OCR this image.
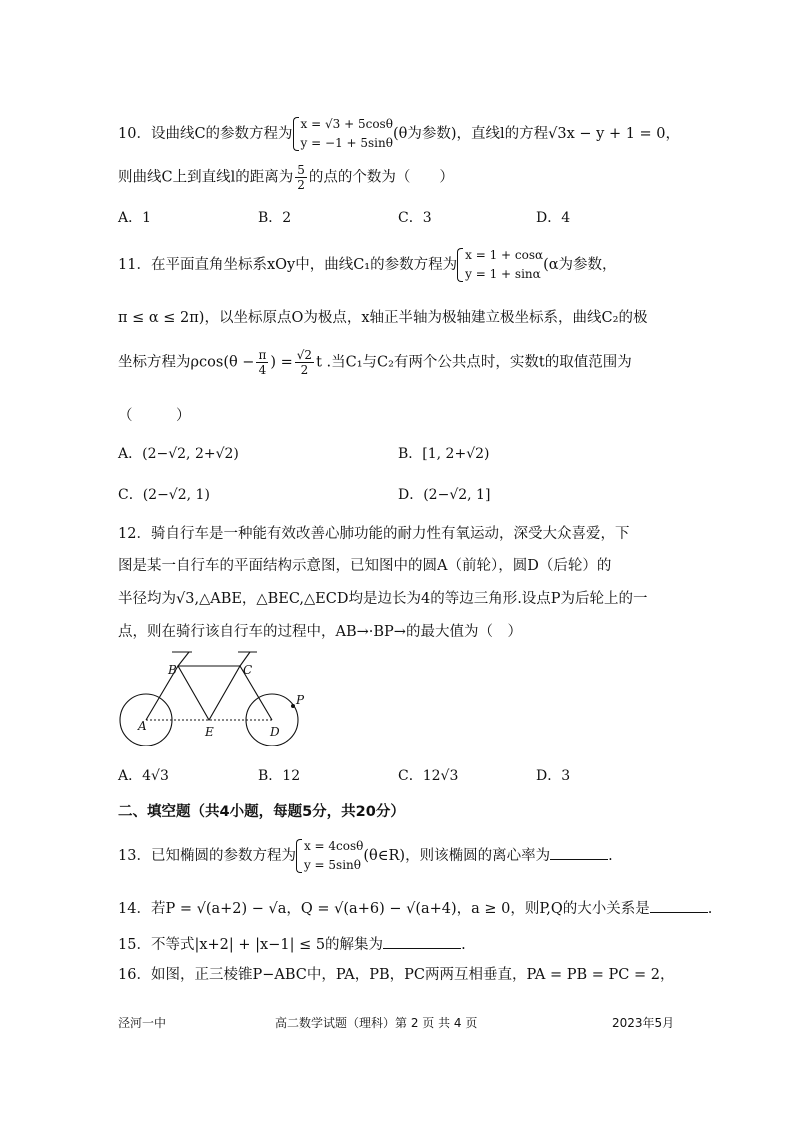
10．设曲线C的参数方程为
x = √3 + 5cosθ
y = −1 + 5sinθ
(θ为参数)，直线l的方程√3x − y + 1 = 0，
则曲线C上到直线l的距离为 $\frac{5}{2}$ 的点的个数为（　　）
A．1	B．2	C．3	D．4
11．在平面直角坐标系xOy中，曲线C₁的参数方程为
x = 1 + cosα
y = 1 + sinα
(α为参数，
π ≤ α ≤ 2π)，以坐标原点O为极点，x轴正半轴为极轴建立极坐标系，曲线C₂的极
坐标方程为$\rho\cos(\theta - \frac{\pi}{4}$ ) = $\frac{√2}{2}$ t .当C₁与C₂有两个公共点时，实数t的取值范围为
（　　　）
A．(2−√2, 2+√2)	B．[1, 2+√2)
C．(2−√2, 1)	D．(2−√2, 1]
12．骑自行车是一种能有效改善心肺功能的耐力性有氧运动，深受大众喜爱，下
图是某一自行车的平面结构示意图，已知图中的圆A（前轮），圆D（后轮）的
半径均为√3,△ABE，△BEC,△ECD均是边长为4的等边三角形.设点P为后轮上的一
点，则在骑行该自行车的过程中，AB→·BP→的最大值为（　）
A
B	C
D
E
P
A．4√3	B．12	C．12√3	D．3
二、填空题（共4小题，每题5分，共20分）
13．已知椭圆的参数方程为
x = 4cosθ
y = 5sinθ
(θ∈R)，则该椭圆的离心率为	.
14．若P = √(a+2) − √a，Q = √(a+6) − √(a+4)，a ≥ 0，则P,Q的大小关系是	.
15．不等式|x+2| + |x−1| ≤ 5的解集为	.
16．如图，正三棱锥P−ABC中，PA，PB，PC两两互相垂直，PA = PB = PC = 2，
泾河一中	高二数学试题（理科）第 2 页 共 4 页	2023年5月
